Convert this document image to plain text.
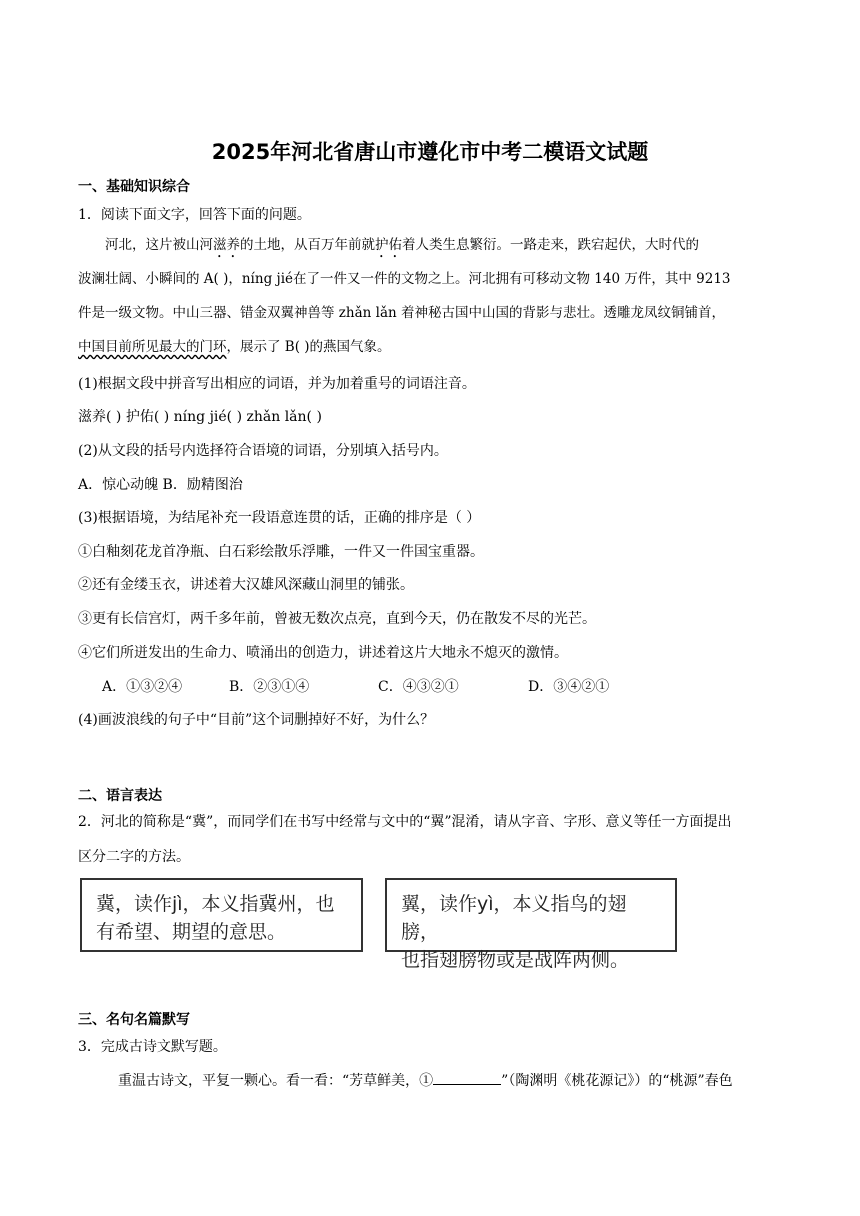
2025年河北省唐山市遵化市中考二模语文试题
一、基础知识综合
1．阅读下面文字，回答下面的问题。

河北，这片被山河滋养的土地，从百万年前就护佑着人类生息繁衍。一路走来，跌宕起伏，大时代的

波澜壮阔、小瞬间的 A( )，níng jié在了一件又一件的文物之上。河北拥有可移动文物 140 万件，其中 9213

件是一级文物。中山三器、错金双翼神兽等 zhǎn lǎn 着神秘古国中山国的背影与悲壮。透雕龙凤纹铜铺首，

中国目前所见最大的门环，展示了 B( )的燕国气象。

(1)根据文段中拼音写出相应的词语，并为加着重号的词语注音。
滋养( ) 护佑( ) níng jié( ) zhǎn lǎn( )
(2)从文段的括号内选择符合语境的词语，分别填入括号内。
A．惊心动魄 B．励精图治
(3)根据语境，为结尾补充一段语意连贯的话，正确的排序是（ ）
①白釉刻花龙首净瓶、白石彩绘散乐浮雕，一件又一件国宝重器。
②还有金缕玉衣，讲述着大汉雄风深藏山洞里的铺张。
③更有长信宫灯，两千多年前，曾被无数次点亮，直到今天，仍在散发不尽的光芒。
④它们所迸发出的生命力、喷涌出的创造力，讲述着这片大地永不熄灭的激情。
A．①③②④	B．②③①④	C．④③②①	D．③④②①
(4)画波浪线的句子中“目前”这个词删掉好不好，为什么？
二、语言表达
2．河北的简称是“冀”，而同学们在书写中经常与文中的“翼”混淆，请从字音、字形、意义等任一方面提出
区分二字的方法。
冀，读作jì，本义指冀州，也
有希望、期望的意思。
翼，读作yì，本义指鸟的翅膀，
也指翅膀物或是战阵两侧。
三、名句名篇默写
3．完成古诗文默写题。
重温古诗文，平复一颗心。看一看：“芳草鲜美，①	”（陶渊明《桃花源记》）的“桃源”春色
